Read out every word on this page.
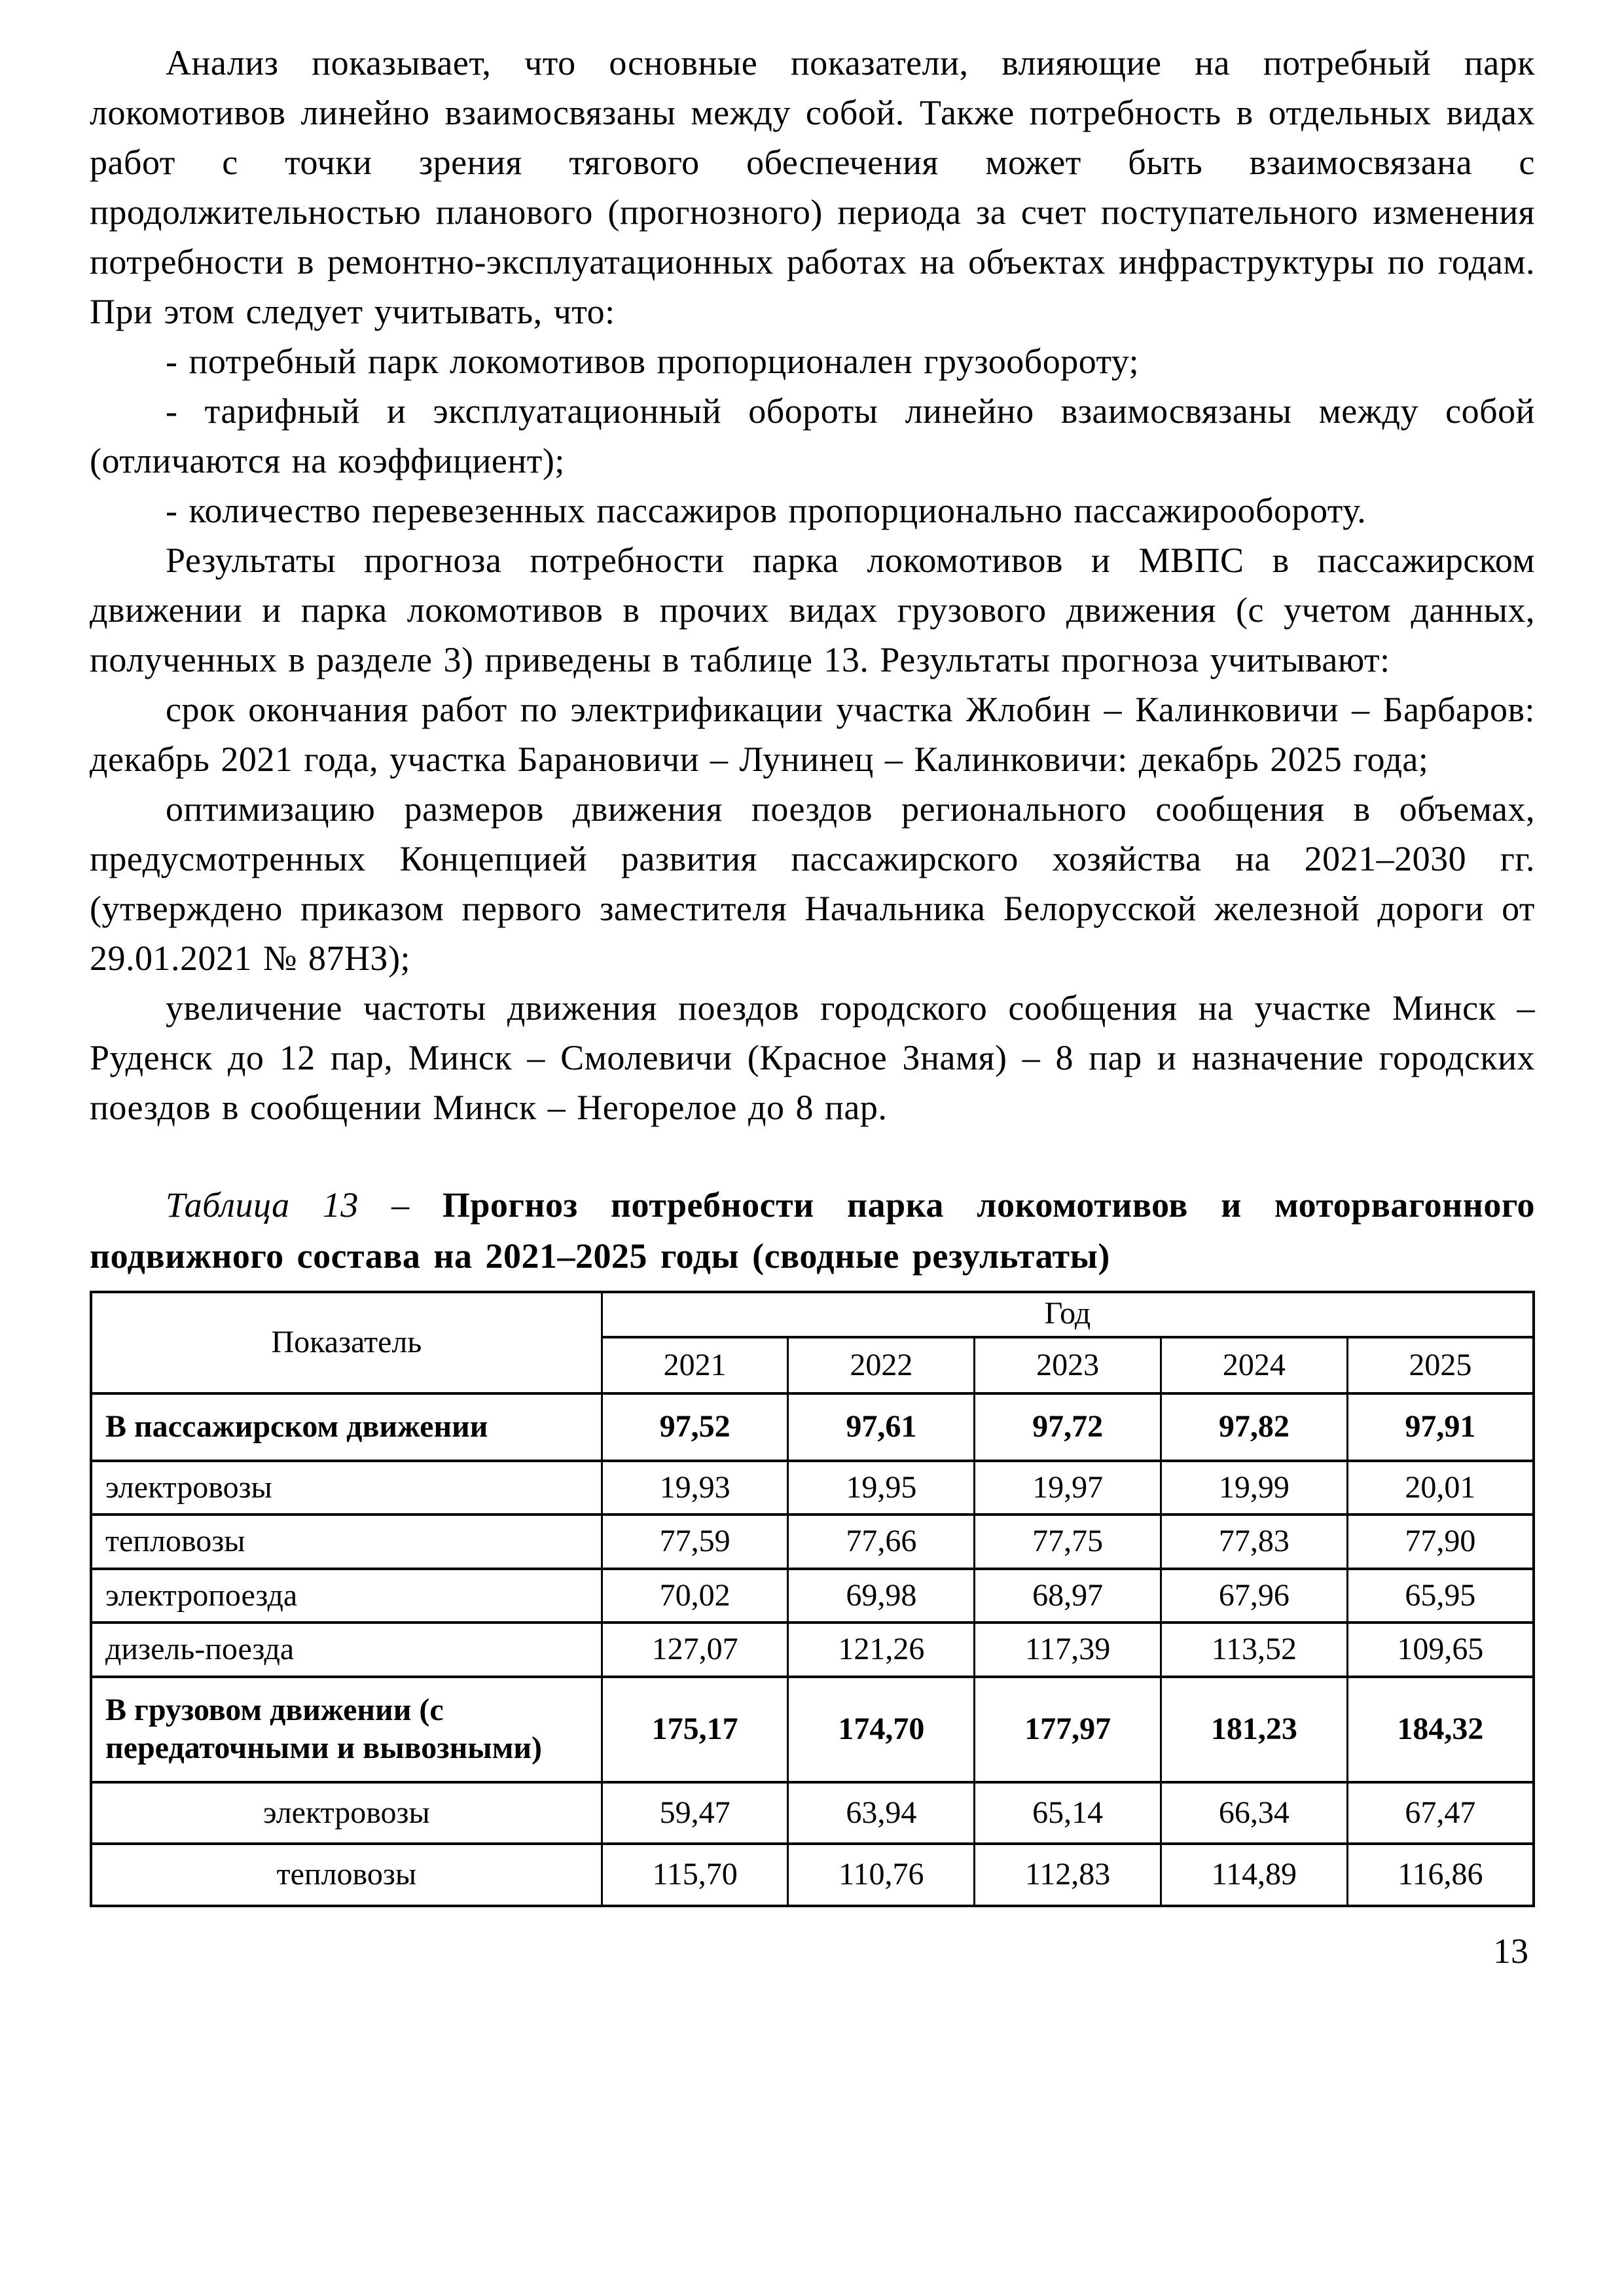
Анализ показывает, что основные показатели, влияющие на потребный парк локомотивов линейно взаимосвязаны между собой. Также потребность в отдельных видах работ с точки зрения тягового обеспечения может быть взаимосвязана с продолжительностью планового (прогнозного) периода за счет поступательного изменения потребности в ремонтно-эксплуатационных работах на объектах инфраструктуры по годам. При этом следует учитывать, что:

- потребный парк локомотивов пропорционален грузообороту;

- тарифный и эксплуатационный обороты линейно взаимосвязаны между собой (отличаются на коэффициент);

- количество перевезенных пассажиров пропорционально пассажирообороту.

Результаты прогноза потребности парка локомотивов и МВПС в пассажирском движении и парка локомотивов в прочих видах грузового движения (с учетом данных, полученных в разделе 3) приведены в таблице 13. Результаты прогноза учитывают:

срок окончания работ по электрификации участка Жлобин – Калинковичи – Барбаров: декабрь 2021 года, участка Барановичи – Лунинец – Калинковичи: декабрь 2025 года;

оптимизацию размеров движения поездов регионального сообщения в объемах, предусмотренных Концепцией развития пассажирского хозяйства на 2021–2030 гг. (утверждено приказом первого заместителя Начальника Белорусской железной дороги от 29.01.2021 № 87НЗ);

увеличение частоты движения поездов городского сообщения на участке Минск – Руденск до 12 пар, Минск – Смолевичи (Красное Знамя) – 8 пар и назначение городских поездов в сообщении Минск – Негорелое до 8 пар.

Таблица 13 – Прогноз потребности парка локомотивов и моторвагонного подвижного состава на 2021–2025 годы (сводные результаты)

Показатель	Год				
	2021	2022	2023	2024	2025
В пассажирском движении	97,52	97,61	97,72	97,82	97,91
электровозы	19,93	19,95	19,97	19,99	20,01
тепловозы	77,59	77,66	77,75	77,83	77,90
электропоезда	70,02	69,98	68,97	67,96	65,95
дизель-поезда	127,07	121,26	117,39	113,52	109,65
В грузовом движении (с передаточными и вывозными)	175,17	174,70	177,97	181,23	184,32
электровозы	59,47	63,94	65,14	66,34	67,47
тепловозы	115,70	110,76	112,83	114,89	116,86
13
